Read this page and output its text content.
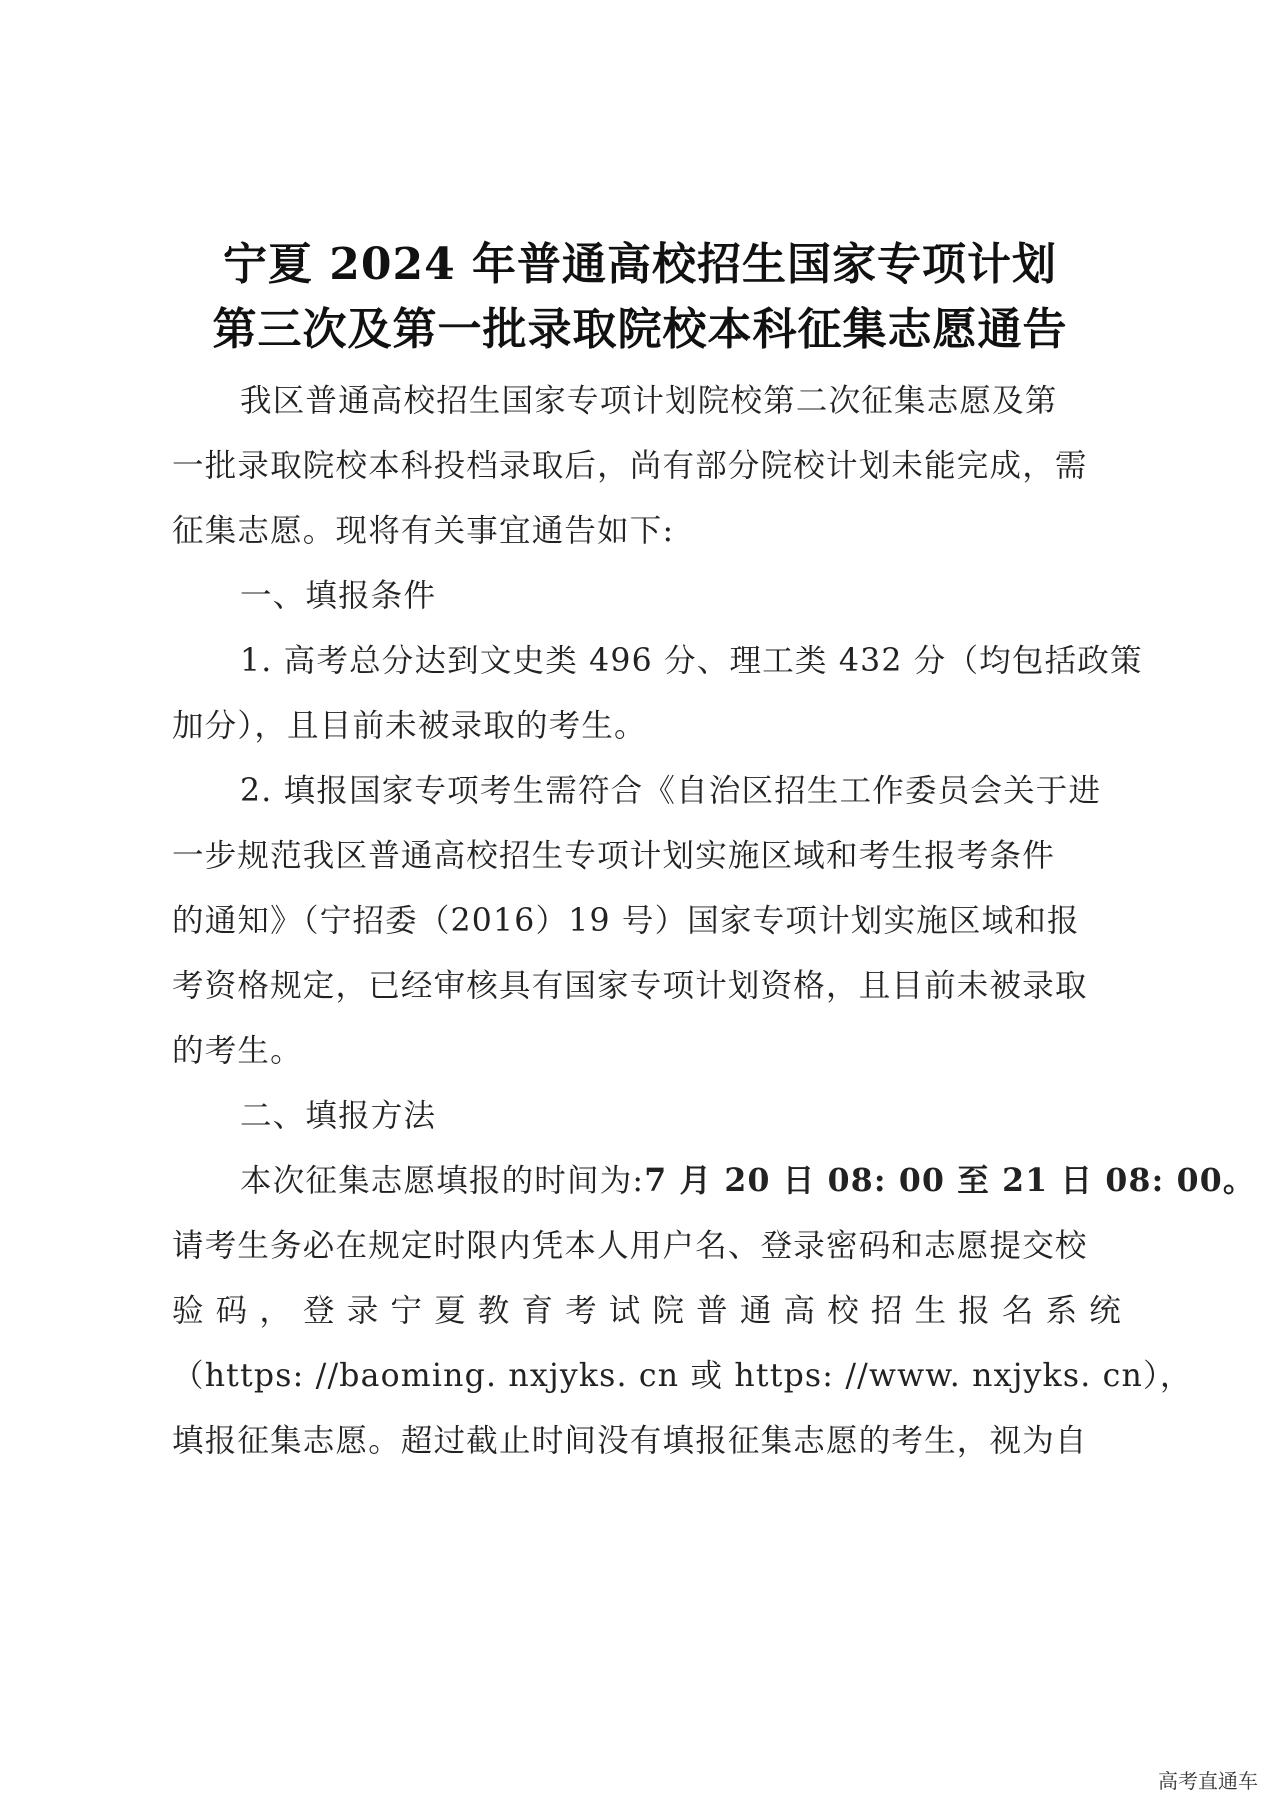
宁夏 2024 年普通高校招生国家专项计划
第三次及第一批录取院校本科征集志愿通告
我区普通高校招生国家专项计划院校第二次征集志愿及第
一批录取院校本科投档录取后，尚有部分院校计划未能完成，需
征集志愿。现将有关事宜通告如下:
一、填报条件
1. 高考总分达到文史类 496 分、理工类 432 分（均包括政策
加分），且目前未被录取的考生。
2. 填报国家专项考生需符合《自治区招生工作委员会关于进
一步规范我区普通高校招生专项计划实施区域和考生报考条件
的通知》（宁招委（2016）19 号）国家专项计划实施区域和报
考资格规定，已经审核具有国家专项计划资格，且目前未被录取
的考生。
二、填报方法
本次征集志愿填报的时间为:7 月 20 日 08: 00 至 21 日 08: 00。
请考生务必在规定时限内凭本人用户名、登录密码和志愿提交校
验码，登录宁夏教育考试院普通高校招生报名系统
（https: //baoming. nxjyks. cn 或 https: //www. nxjyks. cn），
填报征集志愿。超过截止时间没有填报征集志愿的考生，视为自
高考直通车
